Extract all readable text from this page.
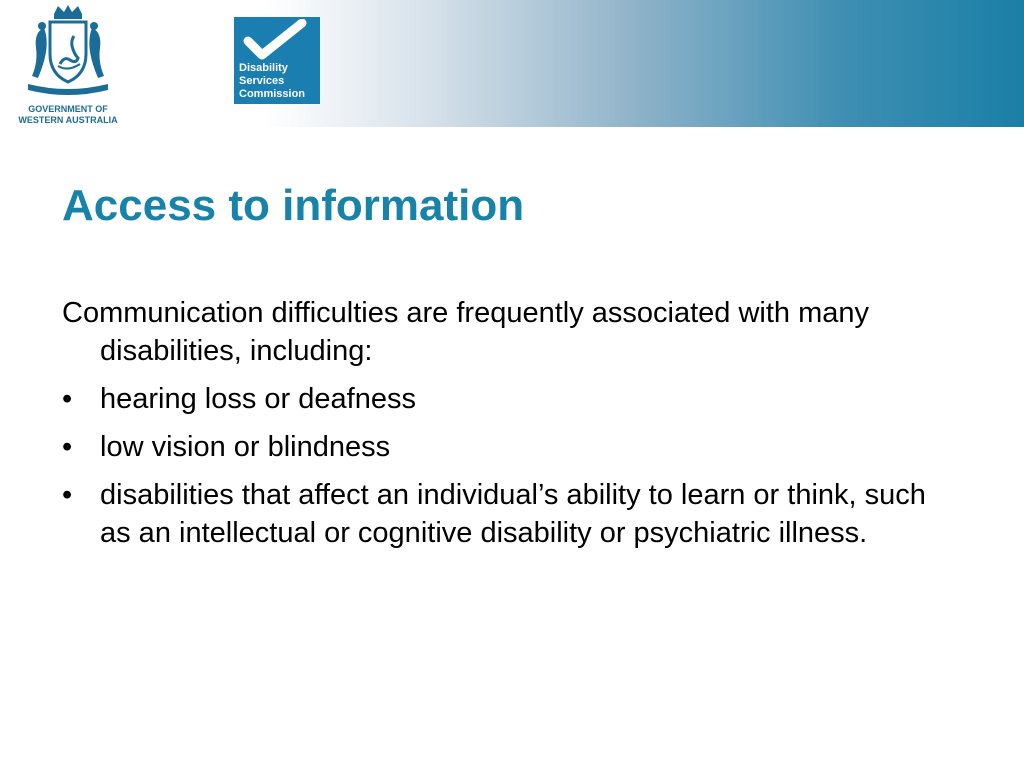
GOVERNMENT OF
WESTERN AUSTRALIA
Disability
Services
Commission
Access to information

Communication difficulties are frequently associated with many disabilities, including:

• hearing loss or deafness
• low vision or blindness
• disabilities that affect an individual’s ability to learn or think, such as an intellectual or cognitive disability or psychiatric illness.
